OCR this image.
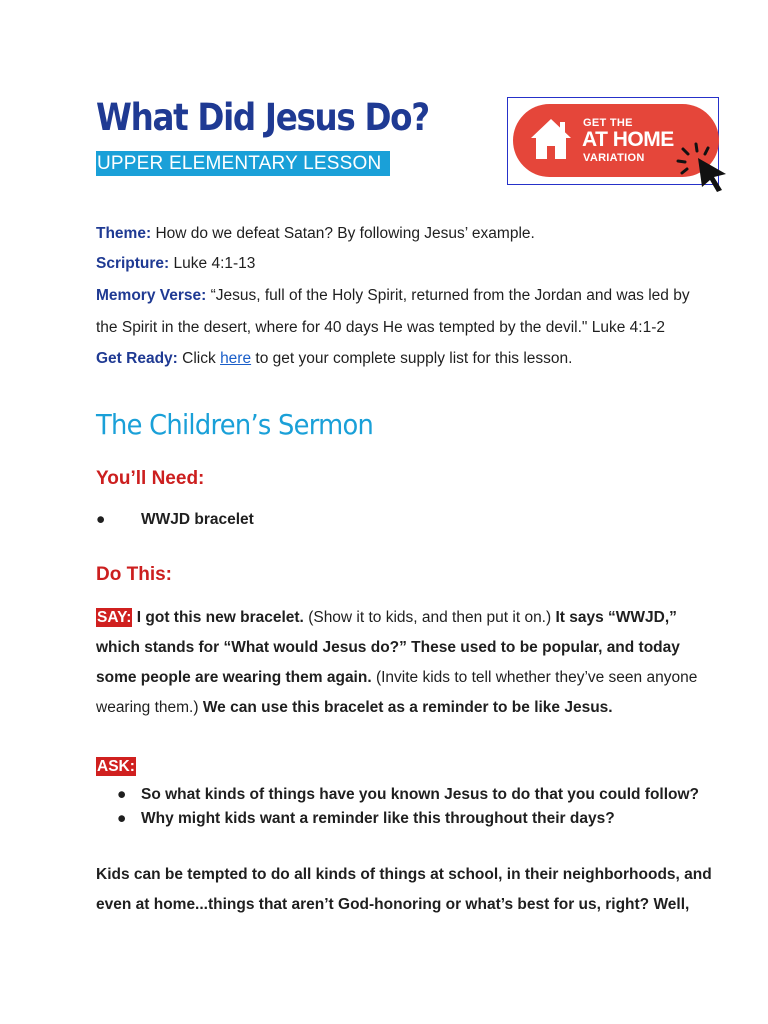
What Did Jesus Do?
UPPER ELEMENTARY LESSON
GET THE
AT HOME
VARIATION
Theme: How do we defeat Satan? By following Jesus’ example.
Scripture: Luke 4:1-13
Memory Verse: “Jesus, full of the Holy Spirit, returned from the Jordan and was led by
the Spirit in the desert, where for 40 days He was tempted by the devil." Luke 4:1-2
Get Ready: Click here to get your complete supply list for this lesson.
The Children’s Sermon
You’ll Need:
● WWJD bracelet
Do This:
SAY: I got this new bracelet. (Show it to kids, and then put it on.) It says “WWJD,”
which stands for “What would Jesus do?” These used to be popular, and today
some people are wearing them again. (Invite kids to tell whether they’ve seen anyone
wearing them.) We can use this bracelet as a reminder to be like Jesus.
ASK:
● So what kinds of things have you known Jesus to do that you could follow?
● Why might kids want a reminder like this throughout their days?
Kids can be tempted to do all kinds of things at school, in their neighborhoods, and
even at home...things that aren’t God-honoring or what’s best for us, right? Well,
